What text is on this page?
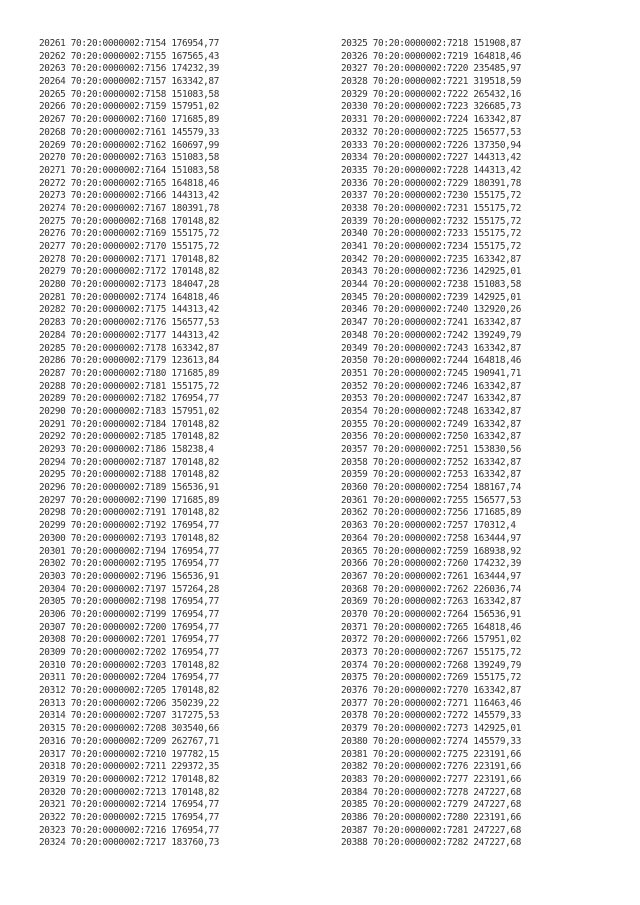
20261 70:20:0000002:7154 176954,77
20262 70:20:0000002:7155 167565,43
20263 70:20:0000002:7156 174232,39
20264 70:20:0000002:7157 163342,87
20265 70:20:0000002:7158 151083,58
20266 70:20:0000002:7159 157951,02
20267 70:20:0000002:7160 171685,89
20268 70:20:0000002:7161 145579,33
20269 70:20:0000002:7162 160697,99
20270 70:20:0000002:7163 151083,58
20271 70:20:0000002:7164 151083,58
20272 70:20:0000002:7165 164818,46
20273 70:20:0000002:7166 144313,42
20274 70:20:0000002:7167 180391,78
20275 70:20:0000002:7168 170148,82
20276 70:20:0000002:7169 155175,72
20277 70:20:0000002:7170 155175,72
20278 70:20:0000002:7171 170148,82
20279 70:20:0000002:7172 170148,82
20280 70:20:0000002:7173 184047,28
20281 70:20:0000002:7174 164818,46
20282 70:20:0000002:7175 144313,42
20283 70:20:0000002:7176 156577,53
20284 70:20:0000002:7177 144313,42
20285 70:20:0000002:7178 163342,87
20286 70:20:0000002:7179 123613,84
20287 70:20:0000002:7180 171685,89
20288 70:20:0000002:7181 155175,72
20289 70:20:0000002:7182 176954,77
20290 70:20:0000002:7183 157951,02
20291 70:20:0000002:7184 170148,82
20292 70:20:0000002:7185 170148,82
20293 70:20:0000002:7186 158238,4
20294 70:20:0000002:7187 170148,82
20295 70:20:0000002:7188 170148,82
20296 70:20:0000002:7189 156536,91
20297 70:20:0000002:7190 171685,89
20298 70:20:0000002:7191 170148,82
20299 70:20:0000002:7192 176954,77
20300 70:20:0000002:7193 170148,82
20301 70:20:0000002:7194 176954,77
20302 70:20:0000002:7195 176954,77
20303 70:20:0000002:7196 156536,91
20304 70:20:0000002:7197 157264,28
20305 70:20:0000002:7198 176954,77
20306 70:20:0000002:7199 176954,77
20307 70:20:0000002:7200 176954,77
20308 70:20:0000002:7201 176954,77
20309 70:20:0000002:7202 176954,77
20310 70:20:0000002:7203 170148,82
20311 70:20:0000002:7204 176954,77
20312 70:20:0000002:7205 170148,82
20313 70:20:0000002:7206 350239,22
20314 70:20:0000002:7207 317275,53
20315 70:20:0000002:7208 303540,66
20316 70:20:0000002:7209 262767,71
20317 70:20:0000002:7210 197782,15
20318 70:20:0000002:7211 229372,35
20319 70:20:0000002:7212 170148,82
20320 70:20:0000002:7213 170148,82
20321 70:20:0000002:7214 176954,77
20322 70:20:0000002:7215 176954,77
20323 70:20:0000002:7216 176954,77
20324 70:20:0000002:7217 183760,73
20325 70:20:0000002:7218 151908,87
20326 70:20:0000002:7219 164818,46
20327 70:20:0000002:7220 235485,97
20328 70:20:0000002:7221 319518,59
20329 70:20:0000002:7222 265432,16
20330 70:20:0000002:7223 326685,73
20331 70:20:0000002:7224 163342,87
20332 70:20:0000002:7225 156577,53
20333 70:20:0000002:7226 137350,94
20334 70:20:0000002:7227 144313,42
20335 70:20:0000002:7228 144313,42
20336 70:20:0000002:7229 180391,78
20337 70:20:0000002:7230 155175,72
20338 70:20:0000002:7231 155175,72
20339 70:20:0000002:7232 155175,72
20340 70:20:0000002:7233 155175,72
20341 70:20:0000002:7234 155175,72
20342 70:20:0000002:7235 163342,87
20343 70:20:0000002:7236 142925,01
20344 70:20:0000002:7238 151083,58
20345 70:20:0000002:7239 142925,01
20346 70:20:0000002:7240 132920,26
20347 70:20:0000002:7241 163342,87
20348 70:20:0000002:7242 139249,79
20349 70:20:0000002:7243 163342,87
20350 70:20:0000002:7244 164818,46
20351 70:20:0000002:7245 190941,71
20352 70:20:0000002:7246 163342,87
20353 70:20:0000002:7247 163342,87
20354 70:20:0000002:7248 163342,87
20355 70:20:0000002:7249 163342,87
20356 70:20:0000002:7250 163342,87
20357 70:20:0000002:7251 153830,56
20358 70:20:0000002:7252 163342,87
20359 70:20:0000002:7253 163342,87
20360 70:20:0000002:7254 188167,74
20361 70:20:0000002:7255 156577,53
20362 70:20:0000002:7256 171685,89
20363 70:20:0000002:7257 170312,4
20364 70:20:0000002:7258 163444,97
20365 70:20:0000002:7259 168938,92
20366 70:20:0000002:7260 174232,39
20367 70:20:0000002:7261 163444,97
20368 70:20:0000002:7262 226036,74
20369 70:20:0000002:7263 163342,87
20370 70:20:0000002:7264 156536,91
20371 70:20:0000002:7265 164818,46
20372 70:20:0000002:7266 157951,02
20373 70:20:0000002:7267 155175,72
20374 70:20:0000002:7268 139249,79
20375 70:20:0000002:7269 155175,72
20376 70:20:0000002:7270 163342,87
20377 70:20:0000002:7271 116463,46
20378 70:20:0000002:7272 145579,33
20379 70:20:0000002:7273 142925,01
20380 70:20:0000002:7274 145579,33
20381 70:20:0000002:7275 223191,66
20382 70:20:0000002:7276 223191,66
20383 70:20:0000002:7277 223191,66
20384 70:20:0000002:7278 247227,68
20385 70:20:0000002:7279 247227,68
20386 70:20:0000002:7280 223191,66
20387 70:20:0000002:7281 247227,68
20388 70:20:0000002:7282 247227,68
